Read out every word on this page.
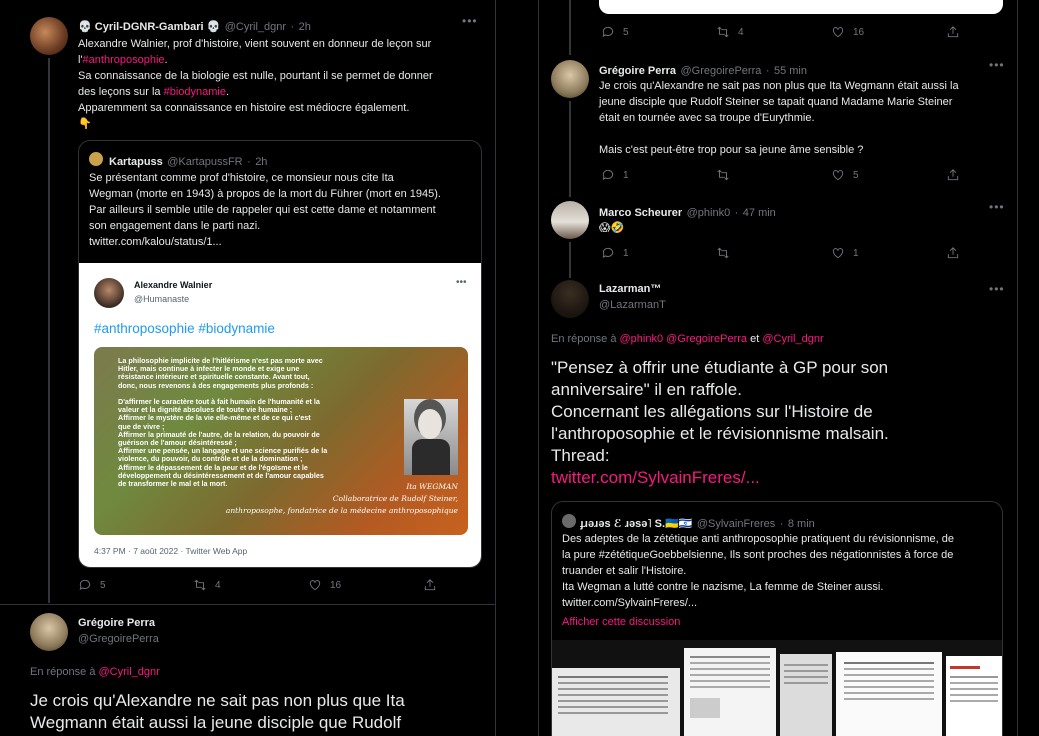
💀 Cyril-DGNR-Gambari 💀 @Cyril_dgnr · 2h	•••
Alexandre Walnier, prof d'histoire, vient souvent en donneur de leçon sur
l'#anthroposophie.
Sa connaissance de la biologie est nulle, pourtant il se permet de donner
des leçons sur la #biodynamie.
Apparemment sa connaissance en histoire est médiocre également.
👇
Kartapuss @KartapussFR · 2h
Se présentant comme prof d'histoire, ce monsieur nous cite Ita
Wegman (morte en 1943) à propos de la mort du Führer (mort en 1945).
Par ailleurs il semble utile de rappeler qui est cette dame et notamment
son engagement dans le parti nazi.
twitter.com/kalou/status/1...
Alexandre Walnier
@Humanaste
•••
#anthroposophie #biodynamie
La philosophie implicite de l'hitlérisme n'est pas morte avec
Hitler, mais continue à infecter le monde et exige une
résistance intérieure et spirituelle constante. Avant tout,
donc, nous revenons à des engagements plus profonds :

D'affirmer le caractère tout à fait humain de l'humanité et la
valeur et la dignité absolues de toute vie humaine ;
Affirmer le mystère de la vie elle-même et de ce qui c'est
que de vivre ;
Affirmer la primauté de l'autre, de la relation, du pouvoir de
guérison de l'amour désintéressé ;
Affirmer une pensée, un langage et une science purifiés de la
violence, du pouvoir, du contrôle et de la domination ;
Affirmer le dépassement de la peur et de l'égoïsme et le
développement du désintéressement et de l'amour capables
de transformer le mal et la mort.	Ita WEGMAN
Collaboratrice de Rudolf Steiner,
anthroposophe, fondatrice de la médecine anthroposophique
4:37 PM · 7 août 2022 · Twitter Web App
5	4	16
Grégoire Perra
@GregoirePerra
En réponse à @Cyril_dgnr
Je crois qu'Alexandre ne sait pas non plus que Ita
Wegmann était aussi la jeune disciple que Rudolf
5	4	16
Grégoire Perra @GregoirePerra · 55 min	•••
Je crois qu'Alexandre ne sait pas non plus que Ita Wegmann était aussi la
jeune disciple que Rudolf Steiner se tapait quand Madame Marie Steiner
était en tournée avec sa troupe d'Eurythmie.
Mais c'est peut-être trop pour sa jeune âme sensible ?
1	5
Marco Scheurer @phink0 · 47 min	•••
😱🤣
1	1
Lazarman™
@LazarmanT
•••
En réponse à @phink0 @GregoirePerra et @Cyril_dgnr
"Pensez à offrir une étudiante à GP pour son
anniversaire" il en raffole.
Concernant les allégations sur l'Histoire de
l'anthroposophie et le révisionnisme malsain.
Thread:
twitter.com/SylvainFreres/...
ɟɹǝɹǝs ℰ ɹǝsǝ˥ S.🇺🇦🇮🇱 @SylvainFreres · 8 min
Des adeptes de la zététique anti anthroposophie pratiquent du révisionnisme, de
la pure #zététiqueGoebbelsienne, Ils sont proches des négationnistes à force de
truander et salir l'Histoire.
Ita Wegman a lutté contre le nazisme, La femme de Steiner aussi.
twitter.com/SylvainFreres/...
Afficher cette discussion
